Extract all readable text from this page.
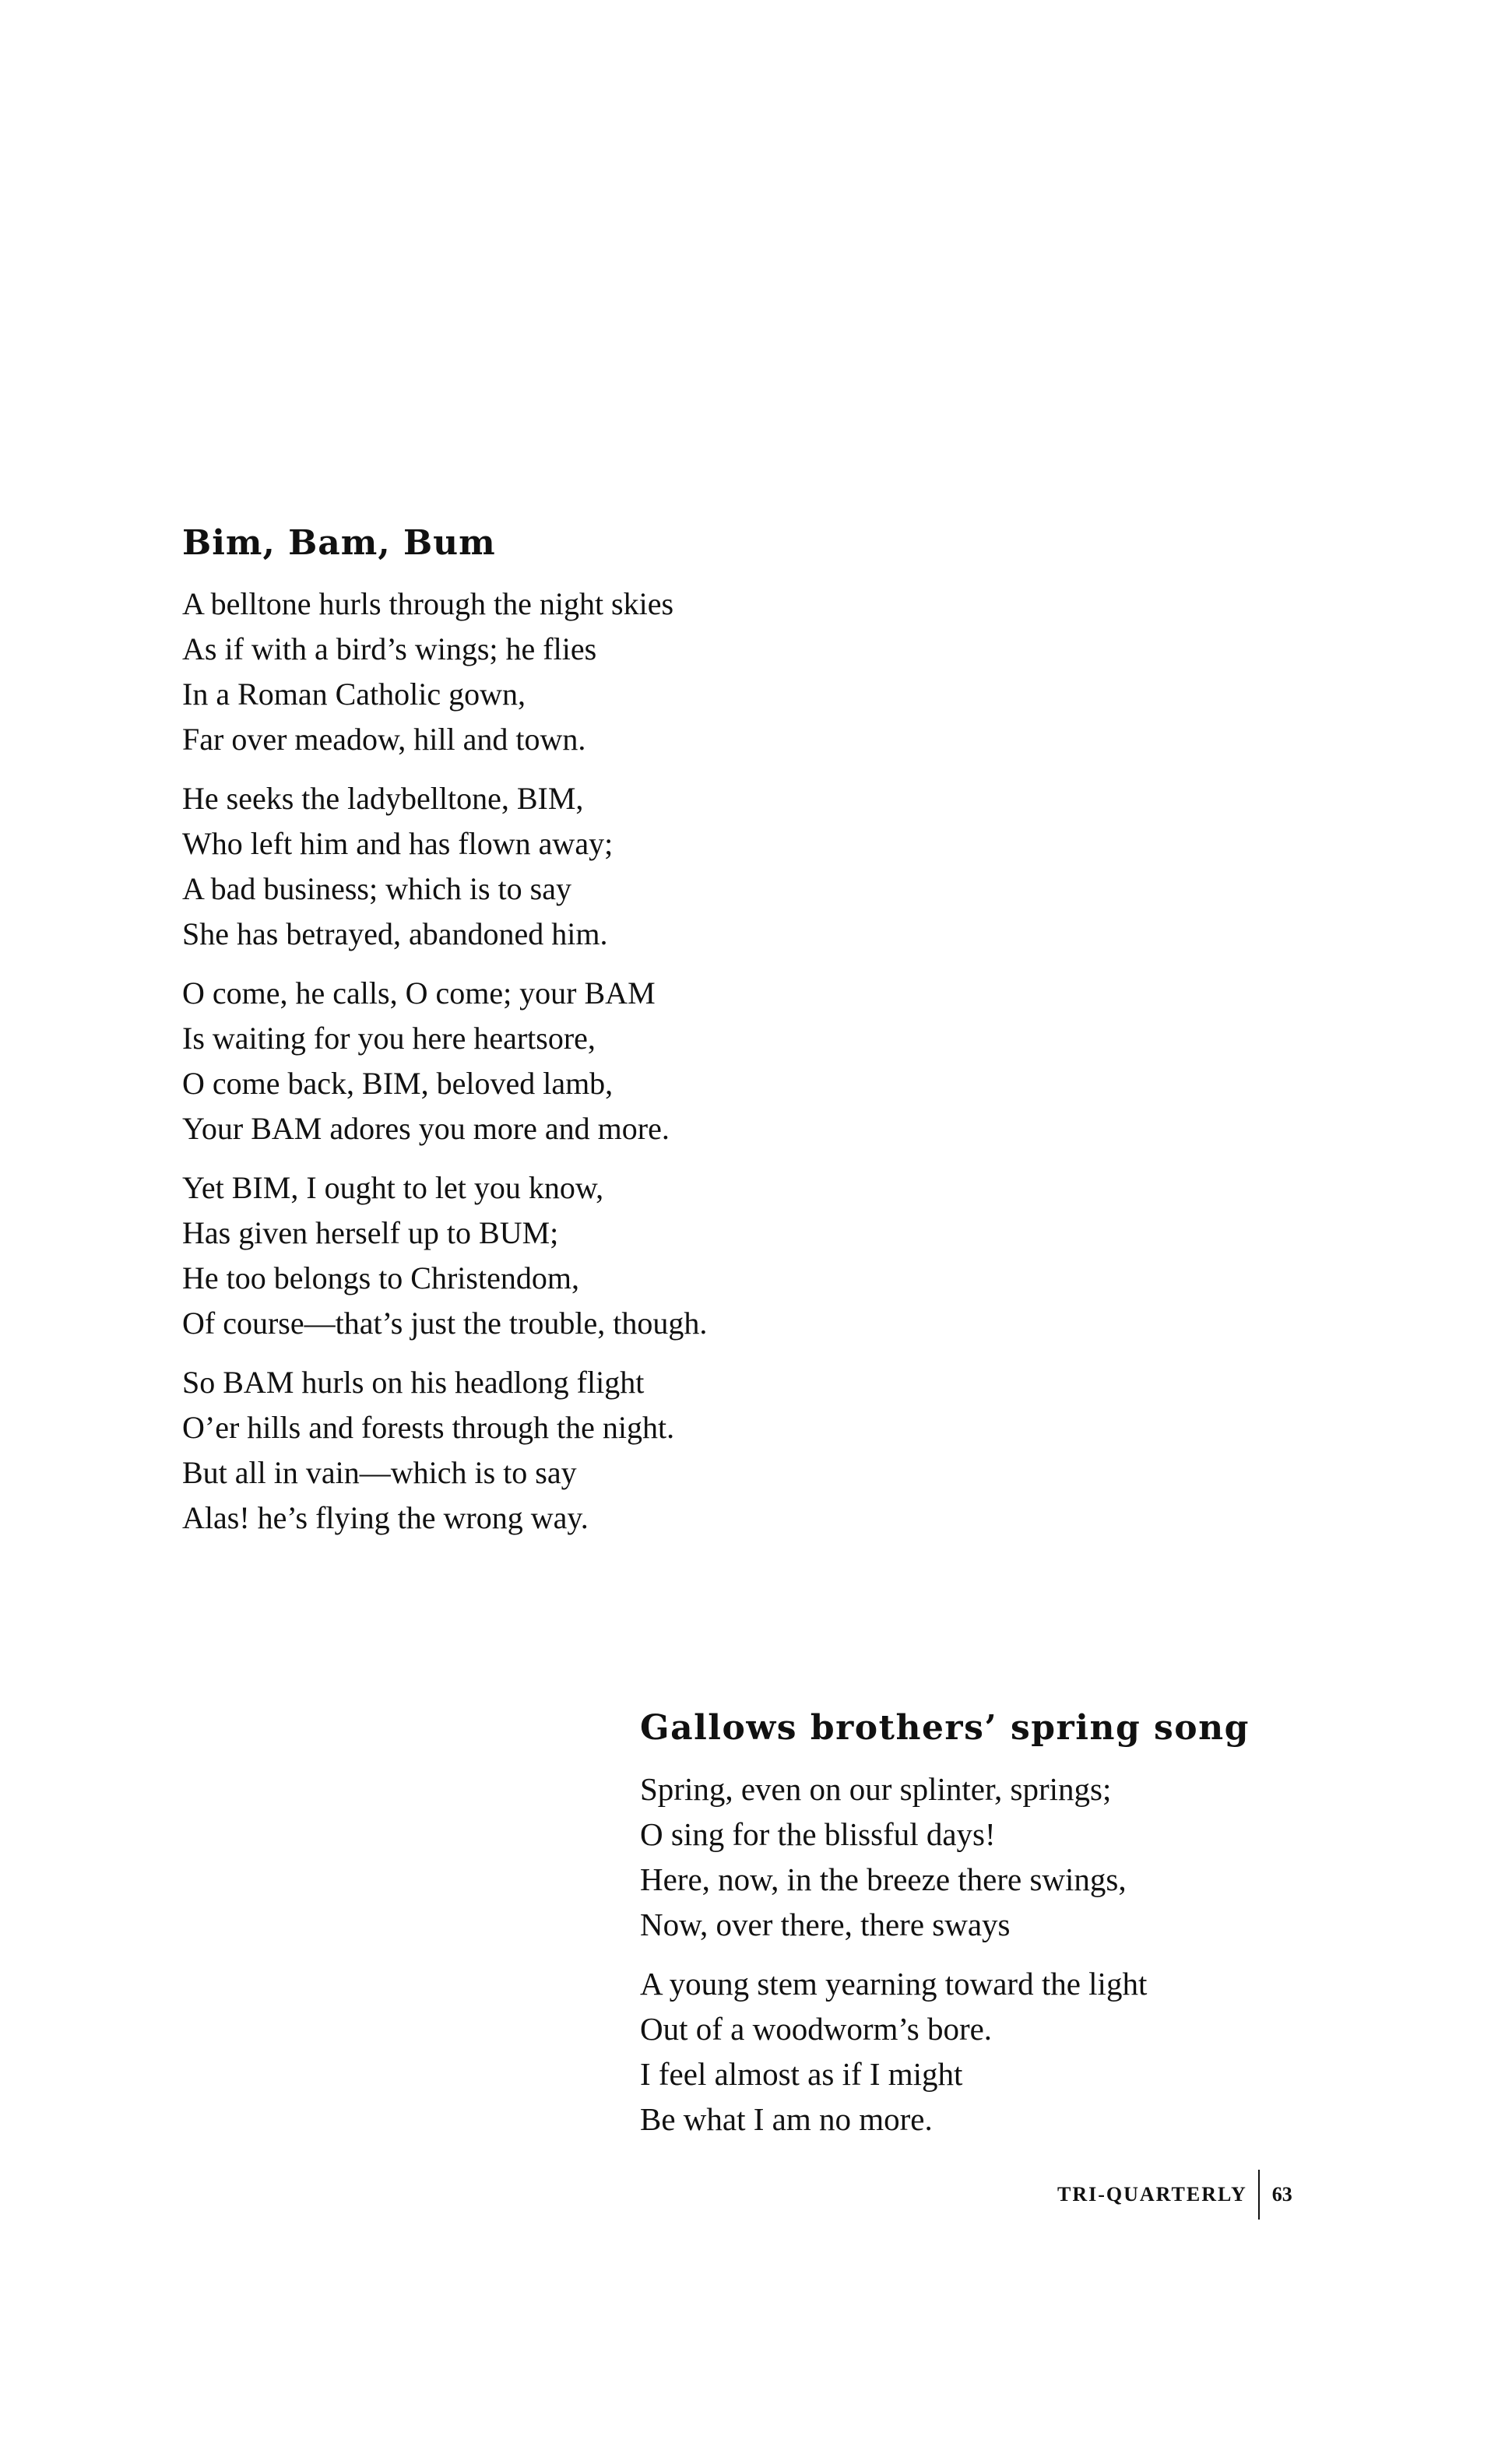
Bim, Bam, Bum
A belltone hurls through the night skies
As if with a bird’s wings; he flies
In a Roman Catholic gown,
Far over meadow, hill and town.
He seeks the ladybelltone, BIM,
Who left him and has flown away;
A bad business; which is to say
She has betrayed, abandoned him.
O come, he calls, O come; your BAM
Is waiting for you here heartsore,
O come back, BIM, beloved lamb,
Your BAM adores you more and more.
Yet BIM, I ought to let you know,
Has given herself up to BUM;
He too belongs to Christendom,
Of course—that’s just the trouble, though.
So BAM hurls on his headlong flight
O’er hills and forests through the night.
But all in vain—which is to say
Alas! he’s flying the wrong way.
Gallows brothers’ spring song
Spring, even on our splinter, springs;
O sing for the blissful days!
Here, now, in the breeze there swings,
Now, over there, there sways
A young stem yearning toward the light
Out of a woodworm’s bore.
I feel almost as if I might
Be what I am no more.
TRI-QUARTERLY 63
